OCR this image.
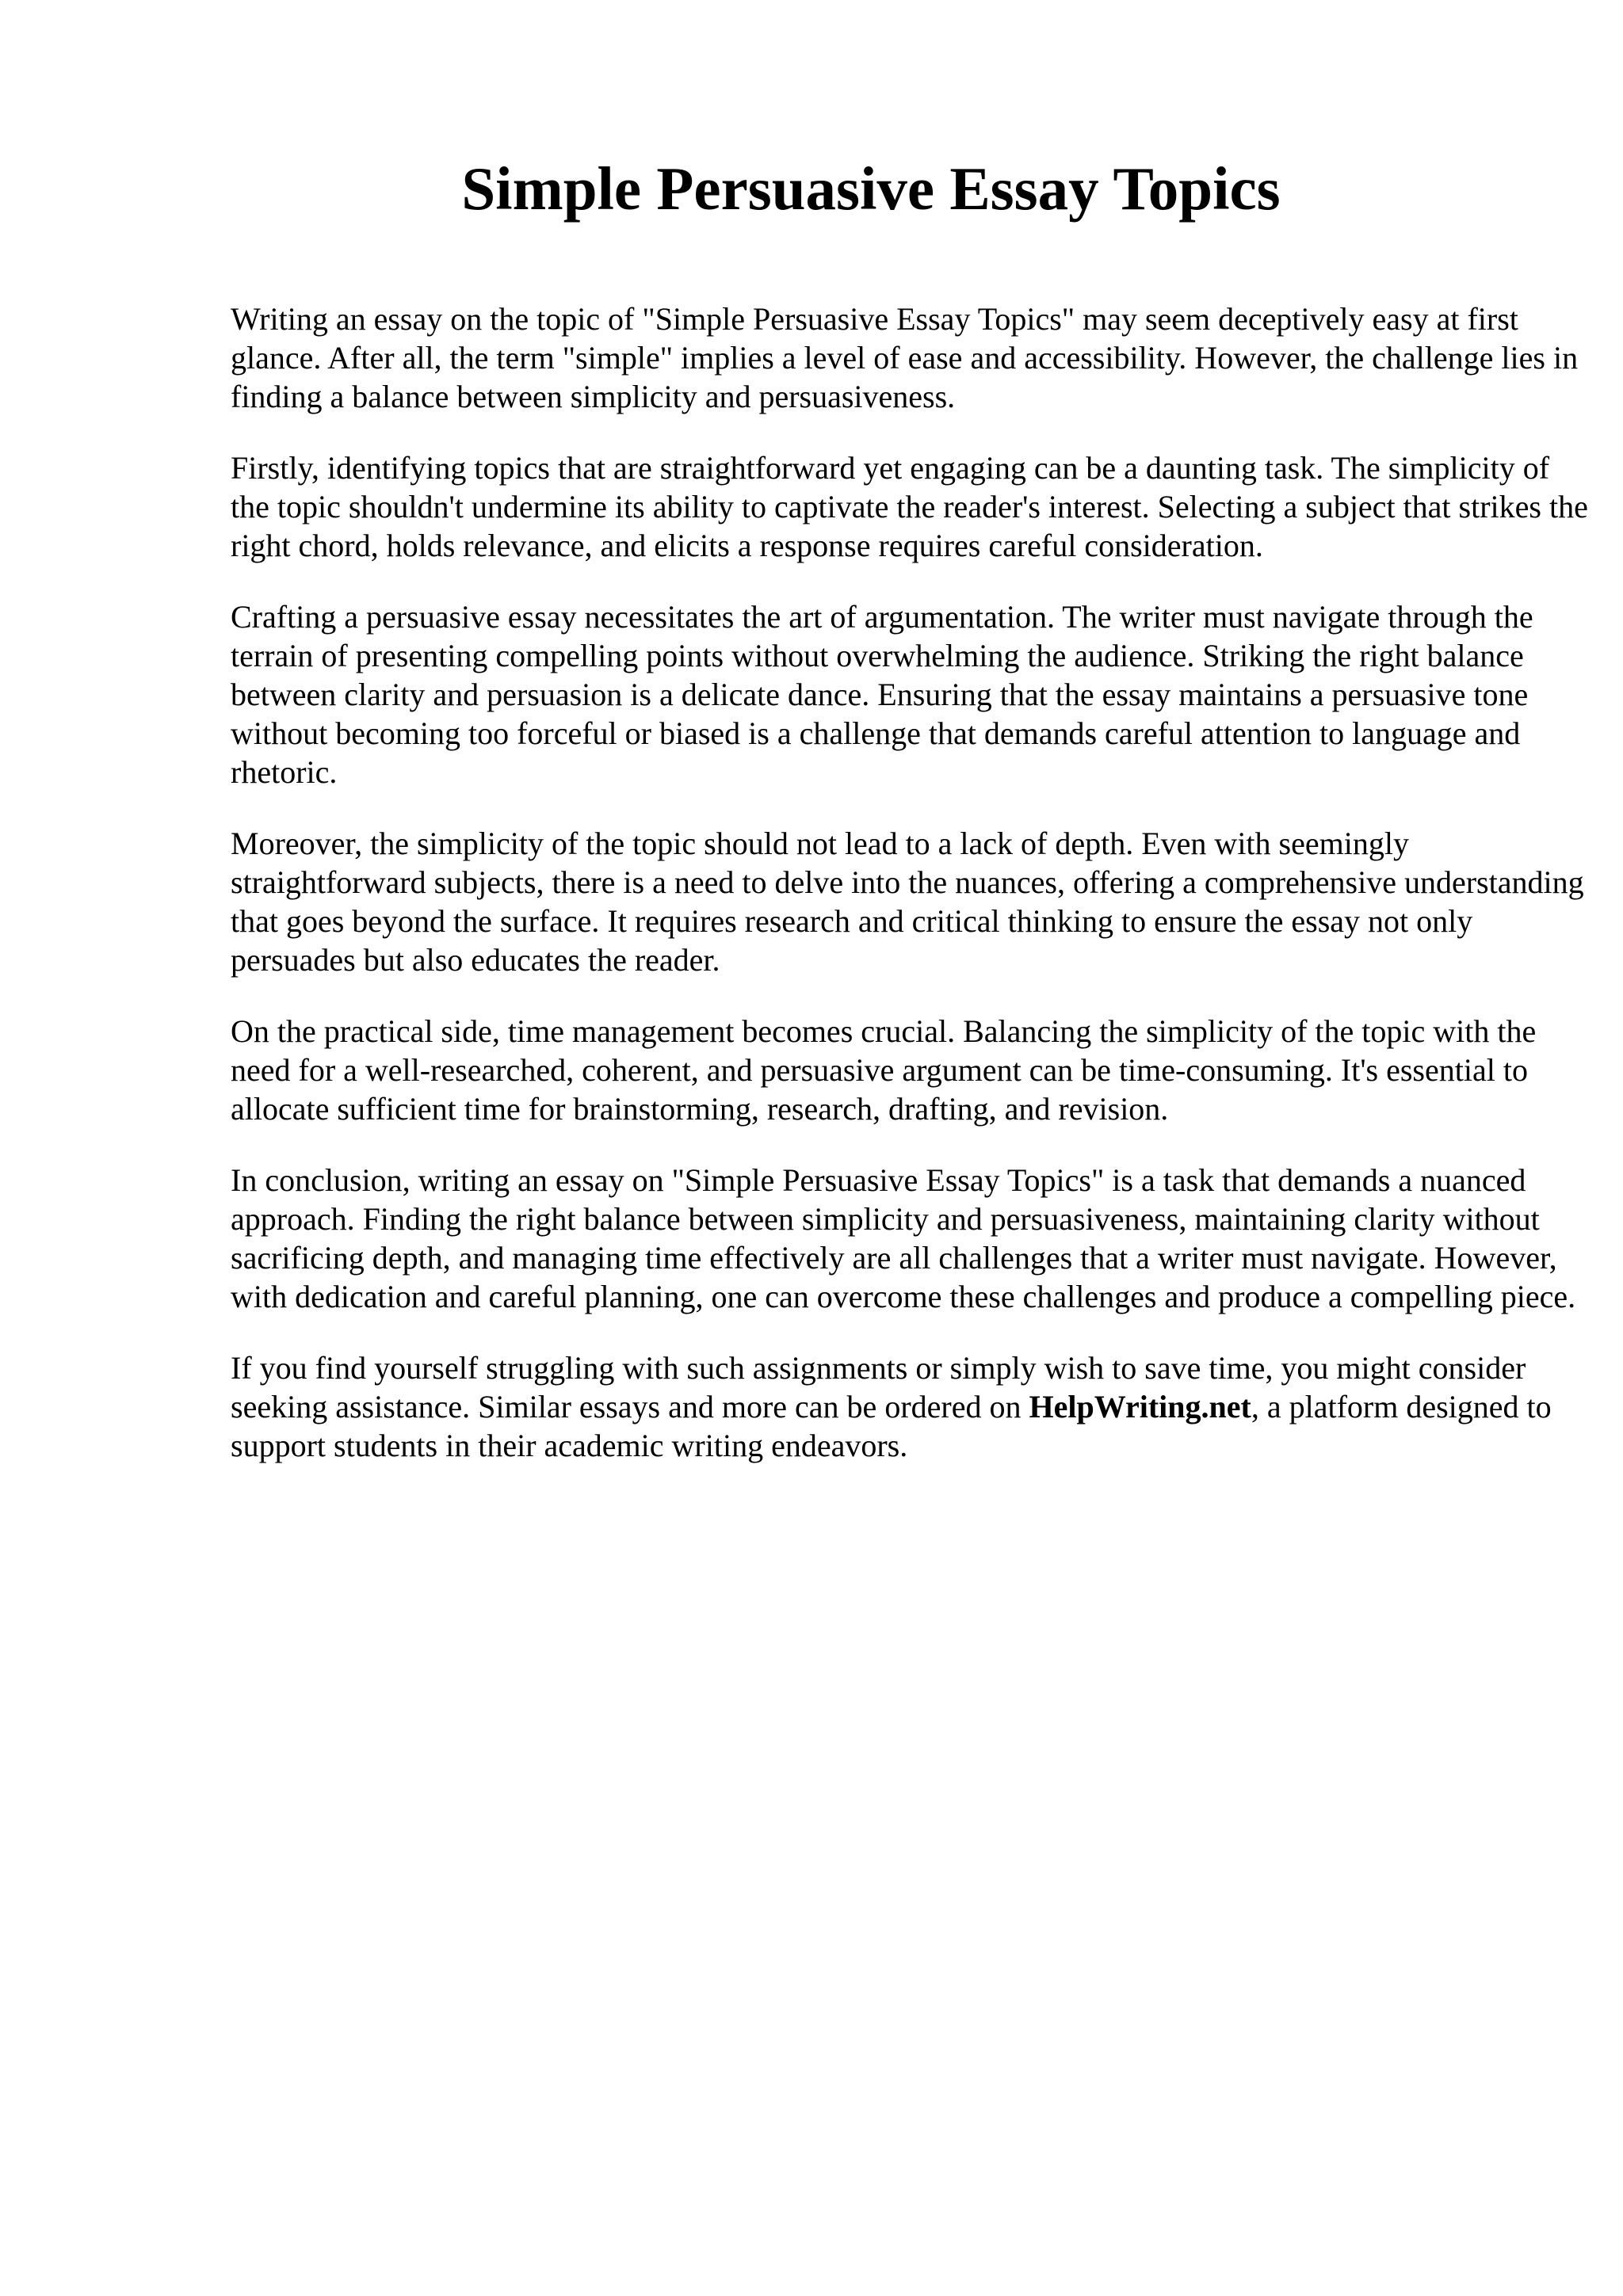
Simple Persuasive Essay Topics

Writing an essay on the topic of "Simple Persuasive Essay Topics" may seem deceptively easy at first glance. After all, the term "simple" implies a level of ease and accessibility. However, the challenge lies in finding a balance between simplicity and persuasiveness.

Firstly, identifying topics that are straightforward yet engaging can be a daunting task. The simplicity of the topic shouldn't undermine its ability to captivate the reader's interest. Selecting a subject that strikes the right chord, holds relevance, and elicits a response requires careful consideration.

Crafting a persuasive essay necessitates the art of argumentation. The writer must navigate through the terrain of presenting compelling points without overwhelming the audience. Striking the right balance between clarity and persuasion is a delicate dance. Ensuring that the essay maintains a persuasive tone without becoming too forceful or biased is a challenge that demands careful attention to language and rhetoric.

Moreover, the simplicity of the topic should not lead to a lack of depth. Even with seemingly straightforward subjects, there is a need to delve into the nuances, offering a comprehensive understanding that goes beyond the surface. It requires research and critical thinking to ensure the essay not only persuades but also educates the reader.

On the practical side, time management becomes crucial. Balancing the simplicity of the topic with the need for a well-researched, coherent, and persuasive argument can be time-consuming. It's essential to allocate sufficient time for brainstorming, research, drafting, and revision.

In conclusion, writing an essay on "Simple Persuasive Essay Topics" is a task that demands a nuanced approach. Finding the right balance between simplicity and persuasiveness, maintaining clarity without sacrificing depth, and managing time effectively are all challenges that a writer must navigate. However, with dedication and careful planning, one can overcome these challenges and produce a compelling piece.

If you find yourself struggling with such assignments or simply wish to save time, you might consider seeking assistance. Similar essays and more can be ordered on HelpWriting.net, a platform designed to support students in their academic writing endeavors.
